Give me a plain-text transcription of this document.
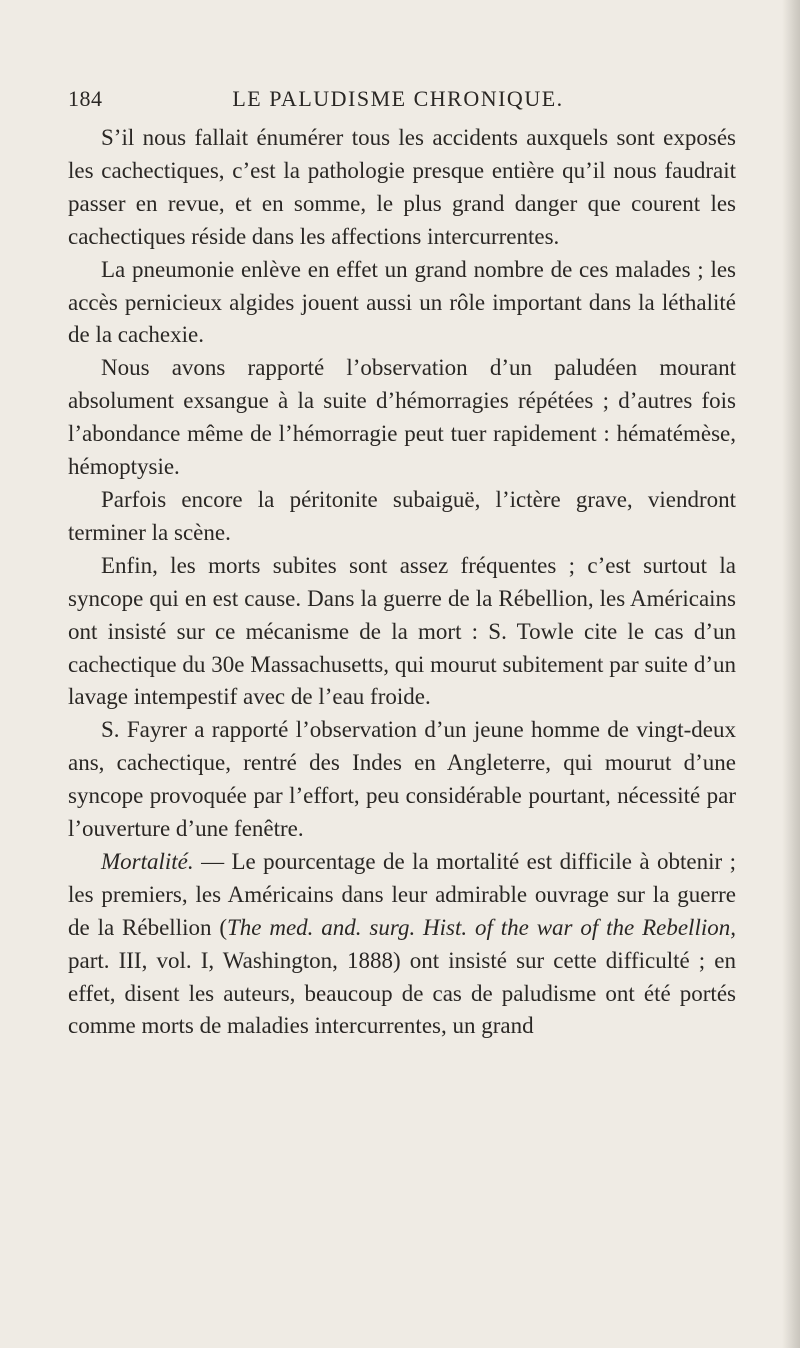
184	LE PALUDISME CHRONIQUE.

S’il nous fallait énumérer tous les accidents auxquels sont exposés les cachectiques, c’est la pathologie presque entière qu’il nous faudrait passer en revue, et en somme, le plus grand danger que courent les cachectiques réside dans les affections intercurrentes.

La pneumonie enlève en effet un grand nombre de ces malades ; les accès pernicieux algides jouent aussi un rôle important dans la léthalité de la cachexie.

Nous avons rapporté l’observation d’un paludéen mourant absolument exsangue à la suite d’hémorragies répétées ; d’autres fois l’abondance même de l’hémorragie peut tuer rapidement : hématémèse, hémoptysie.

Parfois encore la péritonite subaiguë, l’ictère grave, viendront terminer la scène.

Enfin, les morts subites sont assez fréquentes ; c’est surtout la syncope qui en est cause. Dans la guerre de la Rébellion, les Américains ont insisté sur ce mécanisme de la mort : S. Towle cite le cas d’un cachectique du 30e Massachusetts, qui mourut subitement par suite d’un lavage intempestif avec de l’eau froide.

S. Fayrer a rapporté l’observation d’un jeune homme de vingt-deux ans, cachectique, rentré des Indes en Angleterre, qui mourut d’une syncope provoquée par l’effort, peu considérable pourtant, nécessité par l’ouverture d’une fenêtre.

Mortalité. — Le pourcentage de la mortalité est difficile à obtenir ; les premiers, les Américains dans leur admirable ouvrage sur la guerre de la Rébellion (The med. and. surg. Hist. of the war of the Rebellion, part. III, vol. I, Washington, 1888) ont insisté sur cette difficulté ; en effet, disent les auteurs, beaucoup de cas de paludisme ont été portés comme morts de maladies intercurrentes, un grand
